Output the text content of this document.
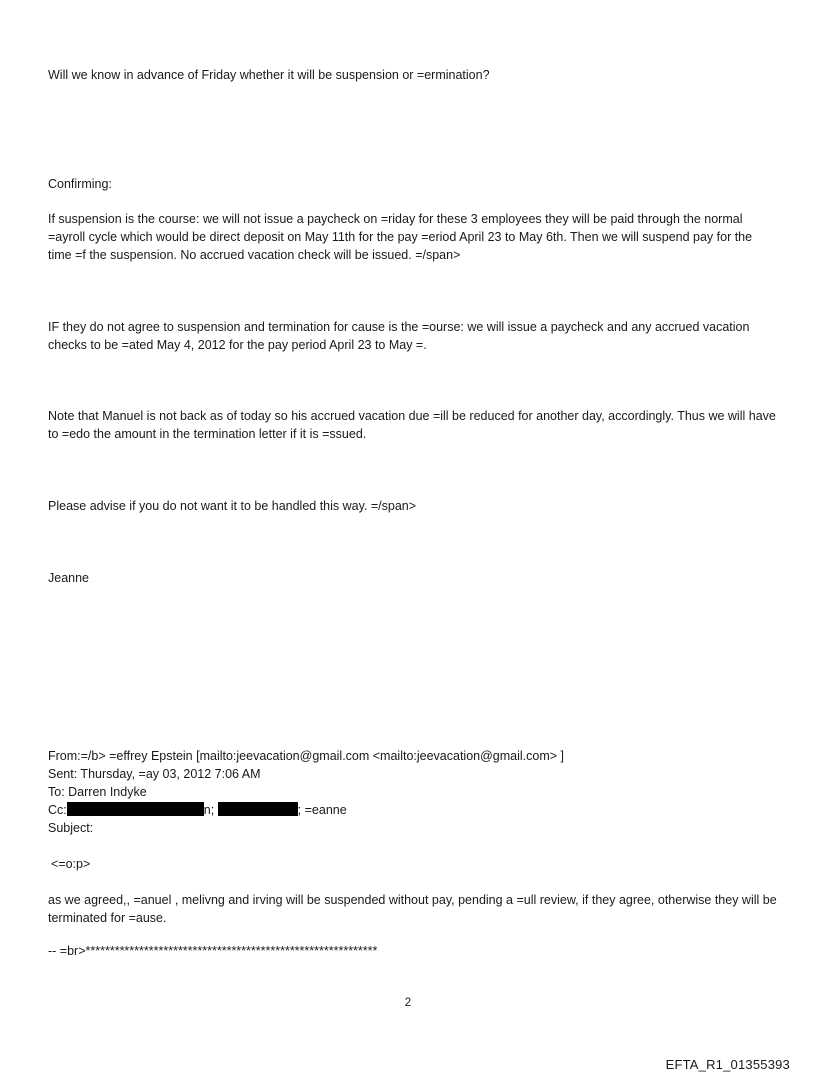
Will we know in advance of Friday whether it will be suspension or =ermination?

Confirming:

If suspension is the course: we will not issue a paycheck on =riday for these 3 employees they will be paid through the normal =ayroll cycle which would be direct deposit on May 11th for the pay =eriod April 23 to May 6th. Then we will suspend pay for the time =f the suspension. No accrued vacation check will be issued. =/span>

IF they do not agree to suspension and termination for cause is the =ourse: we will issue a paycheck and any accrued vacation checks to be =ated May 4, 2012 for the pay period April 23 to May =.

Note that Manuel is not back as of today so his accrued vacation due =ill be reduced for another day, accordingly. Thus we will have to =edo the amount in the termination letter if it is =ssued.

Please advise if you do not want it to be handled this way. =/span>

Jeanne

From:=/b> =effrey Epstein [mailto:jeevacation@gmail.com <mailto:jeevacation@gmail.com> ]
Sent: Thursday, =ay 03, 2012 7:06 AM
To: Darren Indyke
Cc:	n;	; =eanne
Subject:

<=o:p>

as we agreed,, =anuel , melivng and irving will be suspended without pay, pending a =ull review, if they agree, otherwise they will be terminated for =ause.

-- =br>************************************************************

2
EFTA_R1_01355393
